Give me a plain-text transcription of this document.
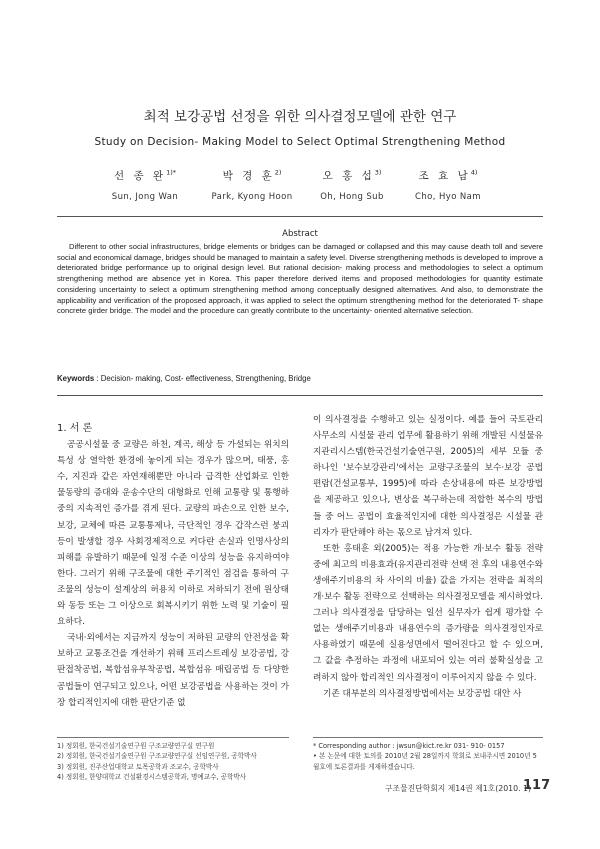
최적 보강공법 선정을 위한 의사결정모델에 관한 연구
Study on Decision- Making Model to Select Optimal Strengthening Method
선 종 완$^{1)*}$
Sun, Jong Wan
박 경 훈$^{2)}$
Park, Kyong Hoon
오 홍 섭$^{3)}$
Oh, Hong Sub
조 효 남$^{4)}$
Cho, Hyo Nam
Abstract

Different to other social infrastructures, bridge elements or bridges can be damaged or collapsed and this may cause death toll and severe social and economical damage, bridges should be managed to maintain a safety level. Diverse strengthening methods is developed to improve a deteriorated bridge performance up to original design level. But rational decision- making process and methodologies to select a optimum strengthening method are absence yet in Korea. This paper therefore derived items and proposed methodologies for quantity estimate considering uncertainty to select a optimum strengthening method among conceptually designed alternatives. And also, to demonstrate the applicability and verification of the proposed approach, it was applied to select the optimum strengthening method for the deteriorated T- shape concrete girder bridge. The model and the procedure can greatly contribute to the uncertainty- oriented alternative selection.

Keywords : Decision- making, Cost- effectiveness, Strengthening, Bridge

1. 서 론

공공시설물 중 교량은 하천, 계곡, 해상 등 가설되는 위치의 특성 상 열악한 환경에 놓이게 되는 경우가 많으며, 태풍, 홍수, 지진과 같은 자연재해뿐만 아니라 급격한 산업화로 인한 물동량의 증대와 운송수단의 대형화로 인해 교통량 및 통행하중의 지속적인 증가를 겪게 된다. 교량의 파손으로 인한 보수, 보강, 교체에 따른 교통통제나, 극단적인 경우 갑작스런 붕괴 등이 발생할 경우 사회경제적으로 커다란 손실과 인명사상의 피해를 유발하기 때문에 일정 수준 이상의 성능을 유지하여야 한다. 그러기 위해 구조물에 대한 주기적인 점검을 통하여 구조물의 성능이 설계상의 허용치 이하로 저하되기 전에 원상태와 동등 또는 그 이상으로 회복시키기 위한 노력 및 기술이 필요하다.

국내·외에서는 지금까지 성능이 저하된 교량의 안전성을 확보하고 교통조건을 개선하기 위해 프리스트레싱 보강공법, 강판접착공법, 복합섬유부착공법, 복합섬유 매립공법 등 다양한 공법들이 연구되고 있으나, 어떤 보강공법을 사용하는 것이 가장 합리적인지에 대한 판단기준 없

이 의사결정을 수행하고 있는 실정이다. 예를 들어 국토관리사무소의 시설물 관리 업무에 활용하기 위해 개발된 시설물유지관리시스템(한국건설기술연구원, 2005)의 세부 모듈 중 하나인 '보수보강관리'에서는 교량구조물의 보수·보강 공법 편람(건설교통부, 1995)에 따라 손상내용에 따른 보강방법을 제공하고 있으나, 변상을 복구하는데 적합한 복수의 방법들 중 어느 공법이 효율적인지에 대한 의사결정은 시설물 관리자가 판단해야 하는 몫으로 남겨져 있다.

또한 홍태훈 외(2005)는 적용 가능한 개·보수 활동 전략 중에 최고의 비용효과(유지관리전략 선택 전 후의 내용연수와 생애주기비용의 차 사이의 비율) 값을 가지는 전략을 최적의 개·보수 활동 전략으로 선택하는 의사결정모델을 제시하였다. 그러나 의사결정을 담당하는 일선 실무자가 쉽게 평가할 수 없는 생애주기비용과 내용연수의 증가량을 의사결정인자로 사용하였기 때문에 실용성면에서 떨어진다고 할 수 있으며, 그 값을 추정하는 과정에 내포되어 있는 여러 불확실성을 고려하지 않아 합리적인 의사결정이 이루어지지 않을 수 있다.

기존 대부분의 의사결정방법에서는 보강공법 대안 사

1) 정회원, 한국건설기술연구원 구조교량연구실 연구원
2) 정회원, 한국건설기술연구원 구조교량연구실 선임연구원, 공학박사
3) 정회원, 진주산업대학교 토목공학과 조교수, 공학박사
4) 정회원, 한양대학교 건설환경시스템공학과, 명예교수, 공학박사
* Corresponding author : jwsun@kict.re.kr 031- 910- 0157
• 본 논문에 대한 토의를 2010년 2월 28일까지 학회로 보내주시면 2010년 5월호에 토론결과를 게재하겠습니다.
구조물진단학회지 제14권 제1호(2010. 1)
117
